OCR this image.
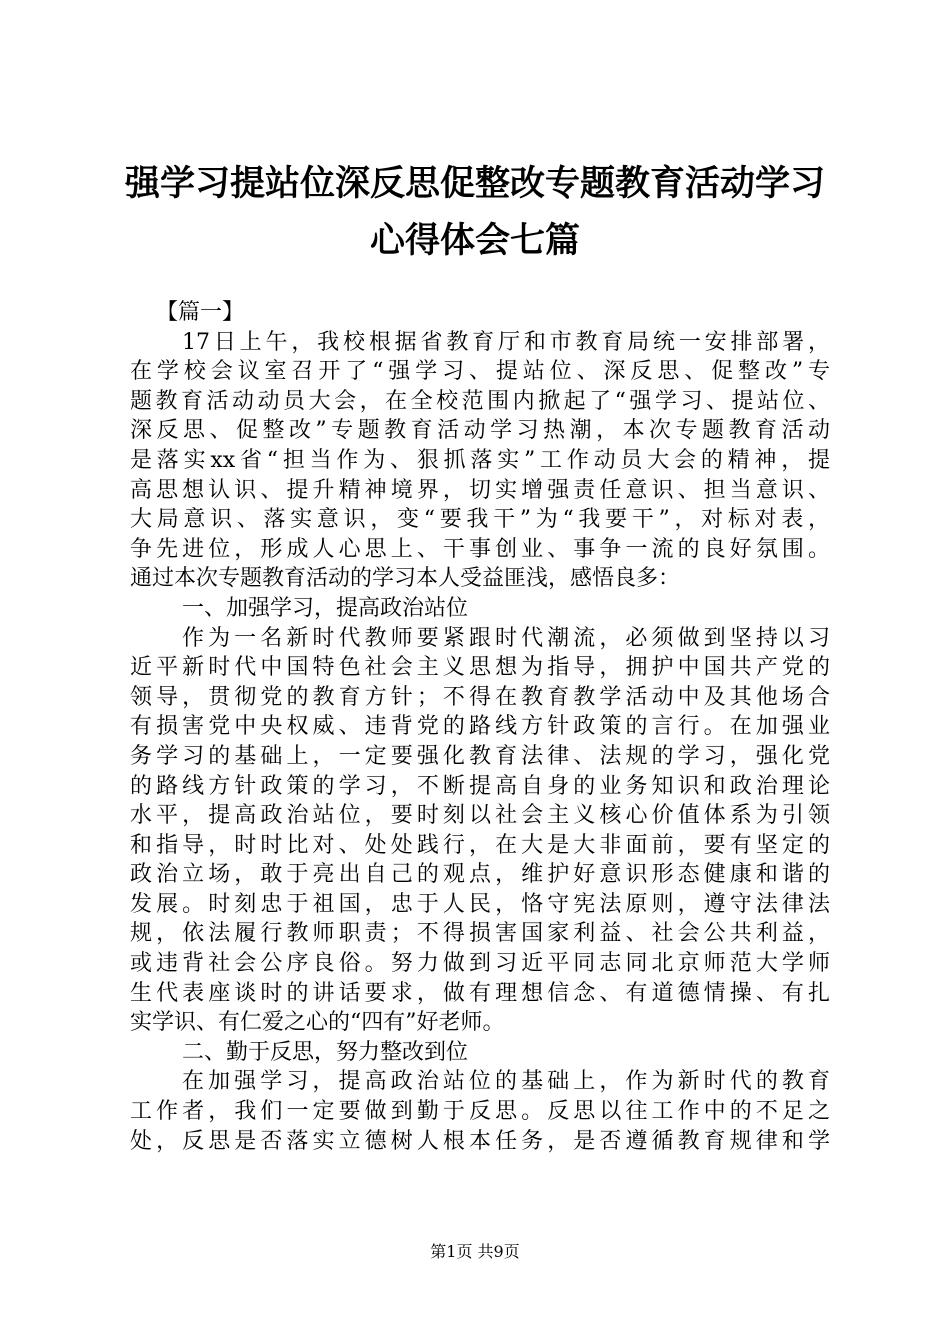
强学习提站位深反思促整改专题教育活动学习
心得体会七篇
【篇一】
17日上午，我校根据省教育厅和市教育局统一安排部署，
在学校会议室召开了“强学习、提站位、深反思、促整改”专
题教育活动动员大会，在全校范围内掀起了“强学习、提站位、
深反思、促整改”专题教育活动学习热潮，本次专题教育活动
是落实xx省“担当作为、狠抓落实”工作动员大会的精神，提
高思想认识、提升精神境界，切实增强责任意识、担当意识、
大局意识、落实意识，变“要我干”为“我要干”，对标对表，
争先进位，形成人心思上、干事创业、事争一流的良好氛围。
通过本次专题教育活动的学习本人受益匪浅，感悟良多：
一、加强学习，提高政治站位
作为一名新时代教师要紧跟时代潮流，必须做到坚持以习
近平新时代中国特色社会主义思想为指导，拥护中国共产党的
领导，贯彻党的教育方针；不得在教育教学活动中及其他场合
有损害党中央权威、违背党的路线方针政策的言行。在加强业
务学习的基础上，一定要强化教育法律、法规的学习，强化党
的路线方针政策的学习，不断提高自身的业务知识和政治理论
水平，提高政治站位，要时刻以社会主义核心价值体系为引领
和指导，时时比对、处处践行，在大是大非面前，要有坚定的
政治立场，敢于亮出自己的观点，维护好意识形态健康和谐的
发展。时刻忠于祖国，忠于人民，恪守宪法原则，遵守法律法
规，依法履行教师职责；不得损害国家利益、社会公共利益，
或违背社会公序良俗。努力做到习近平同志同北京师范大学师
生代表座谈时的讲话要求，做有理想信念、有道德情操、有扎
实学识、有仁爱之心的“四有”好老师。
二、勤于反思，努力整改到位
在加强学习，提高政治站位的基础上，作为新时代的教育
工作者，我们一定要做到勤于反思。反思以往工作中的不足之
处，反思是否落实立德树人根本任务，是否遵循教育规律和学
第1页 共9页
